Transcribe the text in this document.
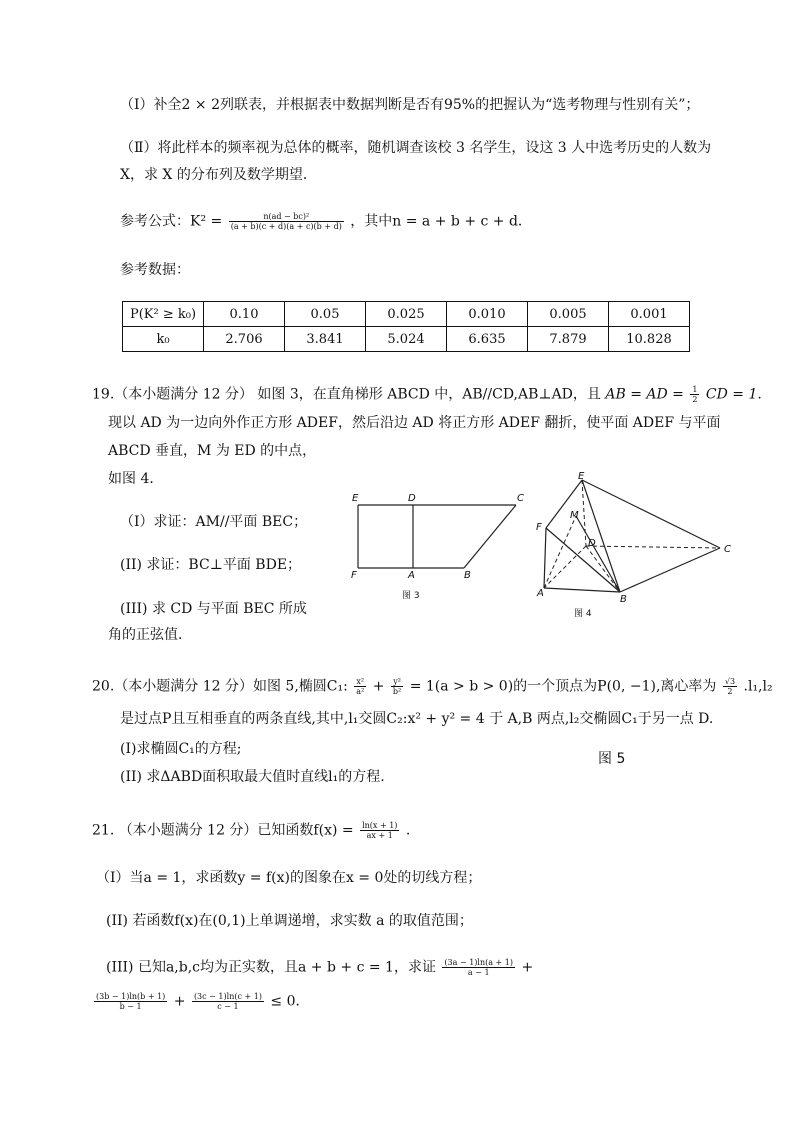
（Ⅰ）补全2 × 2列联表，并根据表中数据判断是否有95%的把握认为“选考物理与性别有关”；
（Ⅱ）将此样本的频率视为总体的概率，随机调查该校 3 名学生，设这 3 人中选考历史的人数为
X，求 X 的分布列及数学期望．
参考公式：$K^2 = \frac{\text{n(ad − bc)²}}{(a + b)(c + d)(a + c)(b + d)}$ ，其中n = a + b + c + d．
参考数据：
P(K² ≥ k₀)	0.10	0.05	0.025	0.010	0.005	0.001
k₀	2.706	3.841	5.024	6.635	7.879	10.828
19.（本小题满分 12 分） 如图 3，在直角梯形 ABCD 中，AB//CD,AB⊥AD，且 AB = AD = $\frac{1}{2}$ CD = 1.
现以 AD 为一边向外作正方形 ADEF，然后沿边 AD 将正方形 ADEF 翻折，使平面 ADEF 与平面
ABCD 垂直，M 为 ED 的中点，
如图 4．
（Ⅰ）求证：AM//平面 BEC；
(II) 求证：BC⊥平面 BDE；
(III) 求 CD 与平面 BEC 所成
角的正弦值．
E	D	C
F	A	B
图 3
E
M
F
D
C
A
B
图 4
20.（本小题满分 12 分）如图 5,椭圆C₁: $\frac{\text{x²}}{\text{a²}} + \frac{\text{y²}}{\text{b²}} = 1(a > b > 0)$的一个顶点为P(0, −1),离心率为 $\frac{√3}{2} .l_1,l_2$
是过点P且互相垂直的两条直线,其中,l₁交圆C₂:x² + y² = 4 于 A,B 两点,l₂交椭圆C₁于另一点 D.
(Ⅰ)求椭圆C₁的方程;
(II) 求ΔABD面积取最大值时直线l₁的方程.
图 5
21. （本小题满分 12 分）已知函数$f(x) = \frac{\ln(x + 1)}{ax + 1}$ .
（Ⅰ）当a = 1，求函数y = f(x)的图象在x = 0处的切线方程；
(II) 若函数f(x)在(0,1)上单调递增，求实数 a 的取值范围；
(III) 已知a,b,c均为正实数，且a + b + c = 1，求证 $\frac{(3a - 1)\ln(a + 1)}{a - 1}$ +
$\frac{(3b - 1)\ln(b + 1)}{b - 1} + \frac{(3c - 1)\ln(c + 1)}{c - 1} \le 0$．
